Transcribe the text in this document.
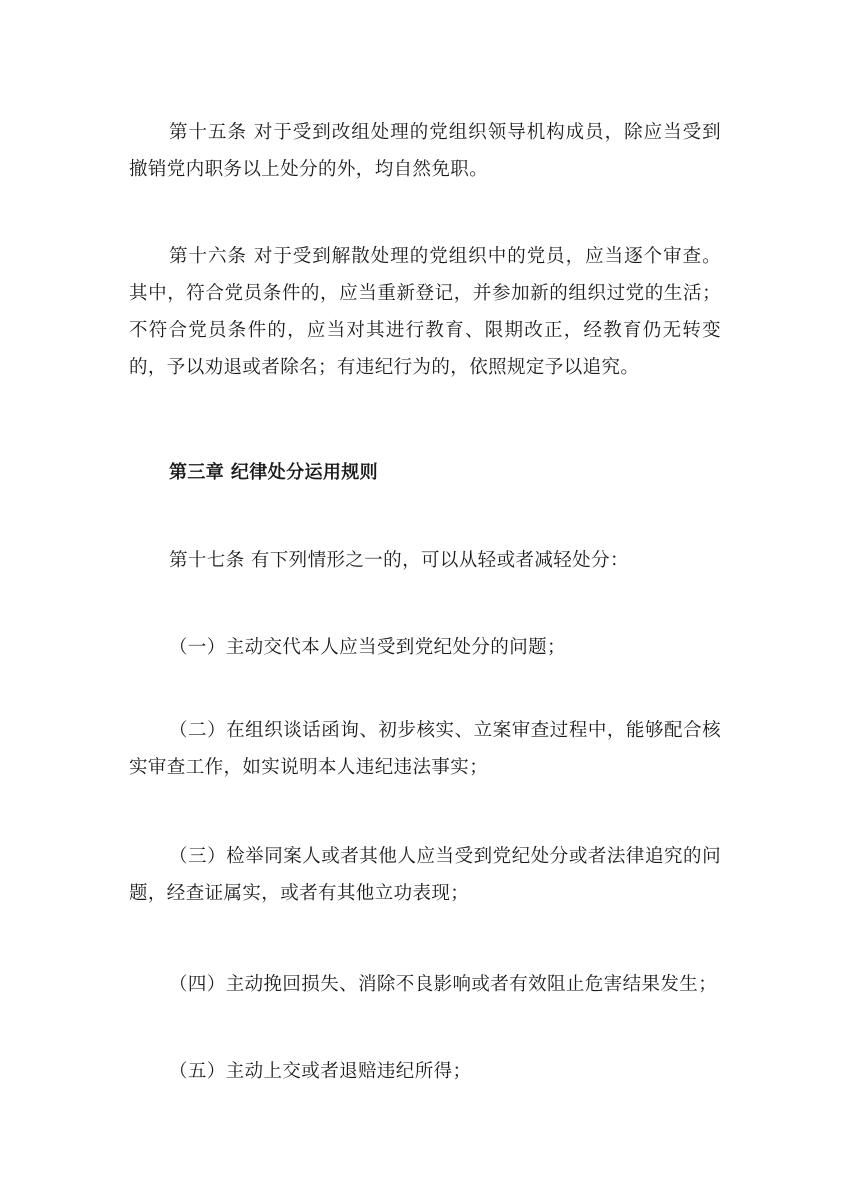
第十五条 对于受到改组处理的党组织领导机构成员，除应当受到撤销党内职务以上处分的外，均自然免职。

第十六条 对于受到解散处理的党组织中的党员，应当逐个审查。其中，符合党员条件的，应当重新登记，并参加新的组织过党的生活；不符合党员条件的，应当对其进行教育、限期改正，经教育仍无转变的，予以劝退或者除名；有违纪行为的，依照规定予以追究。

第三章 纪律处分运用规则

第十七条 有下列情形之一的，可以从轻或者减轻处分：

（一）主动交代本人应当受到党纪处分的问题；

（二）在组织谈话函询、初步核实、立案审查过程中，能够配合核实审查工作，如实说明本人违纪违法事实；

（三）检举同案人或者其他人应当受到党纪处分或者法律追究的问题，经查证属实，或者有其他立功表现；

（四）主动挽回损失、消除不良影响或者有效阻止危害结果发生；

（五）主动上交或者退赔违纪所得；
